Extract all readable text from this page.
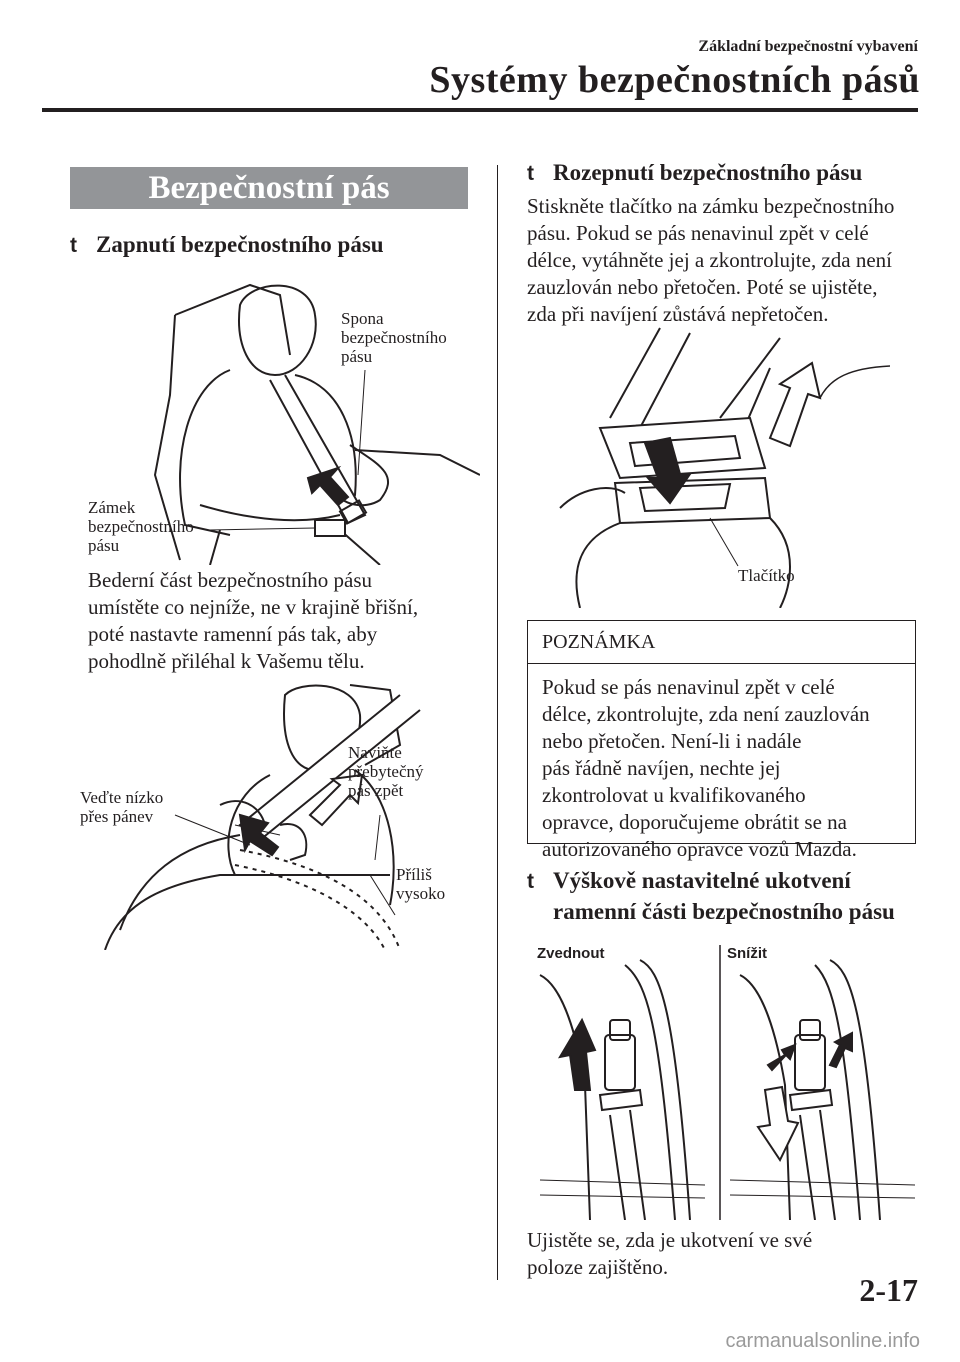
Základní bezpečnostní vybavení
Systémy bezpečnostních pásů
Bezpečnostní pás
t Zapnutí bezpečnostního pásu
Spona
bezpečnostního
pásu
Zámek
bezpečnostního
pásu
Bederní část bezpečnostního pásu
umístěte co nejníže, ne v krajině břišní,
poté nastavte ramenní pás tak, aby
pohodlně přiléhal k Vašemu tělu.
Naviňte
přebytečný
pás zpět
Veďte nízko
přes pánev
Příliš
vysoko
t Rozepnutí bezpečnostního pásu
Stiskněte tlačítko na zámku bezpečnostního
pásu. Pokud se pás nenavinul zpět v celé
délce, vytáhněte jej a zkontrolujte, zda není
zauzlován nebo přetočen. Poté se ujistěte,
zda při navíjení zůstává nepřetočen.
Tlačítko
POZNÁMKA
Pokud se pás nenavinul zpět v celé
délce, zkontrolujte, zda není zauzlován
nebo přetočen. Není-li i nadále
pás řádně navíjen, nechte jej
zkontrolovat u kvalifikovaného
opravce, doporučujeme obrátit se na
autorizovaného opravce vozů Mazda.
t Výškově nastavitelné ukotvení
ramenní části bezpečnostního pásu
Zvednout	Snížit
Ujistěte se, zda je ukotvení ve své
poloze zajištěno.
2-17
carmanualsonline.info
